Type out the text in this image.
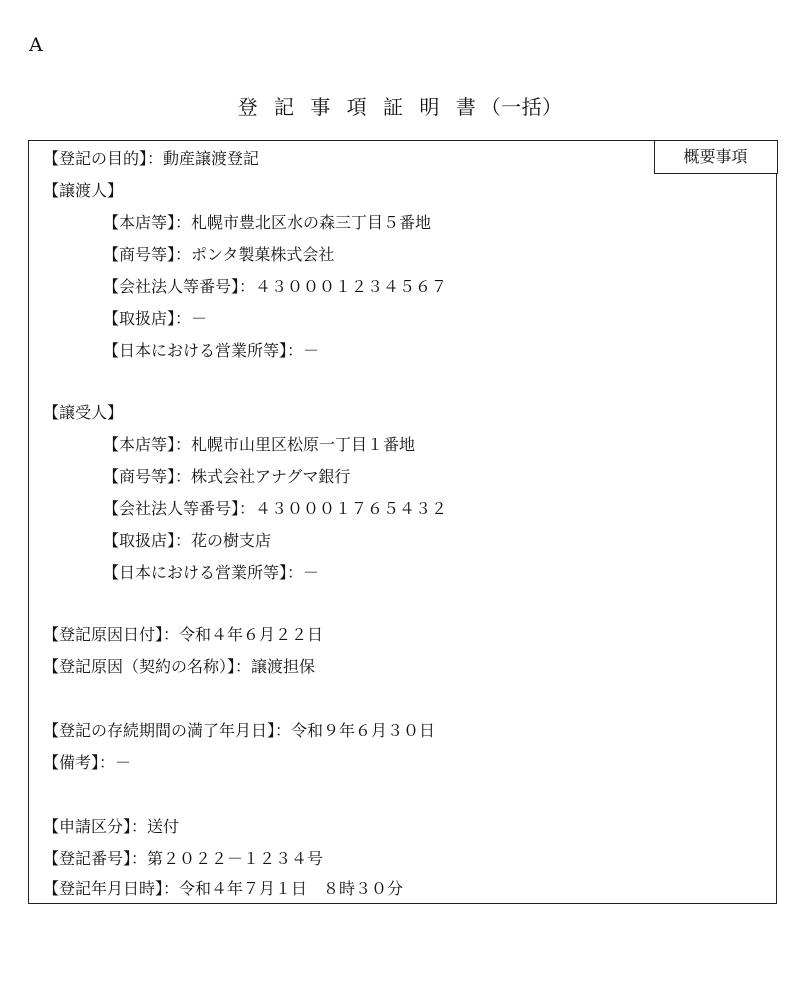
A
登 記 事 項 証 明 書（一括）
概要事項
【登記の目的】：動産譲渡登記
【譲渡人】
【本店等】：札幌市豊北区水の森三丁目５番地
【商号等】：ポンタ製菓株式会社
【会社法人等番号】：４３０００１２３４５６７
【取扱店】：－
【日本における営業所等】：－
【譲受人】
【本店等】：札幌市山里区松原一丁目１番地
【商号等】：株式会社アナグマ銀行
【会社法人等番号】：４３０００１７６５４３２
【取扱店】：花の樹支店
【日本における営業所等】：－
【登記原因日付】：令和４年６月２２日
【登記原因（契約の名称）】：譲渡担保
【登記の存続期間の満了年月日】：令和９年６月３０日
【備考】：－
【申請区分】：送付
【登記番号】：第２０２２－１２３４号
【登記年月日時】：令和４年７月１日　８時３０分
